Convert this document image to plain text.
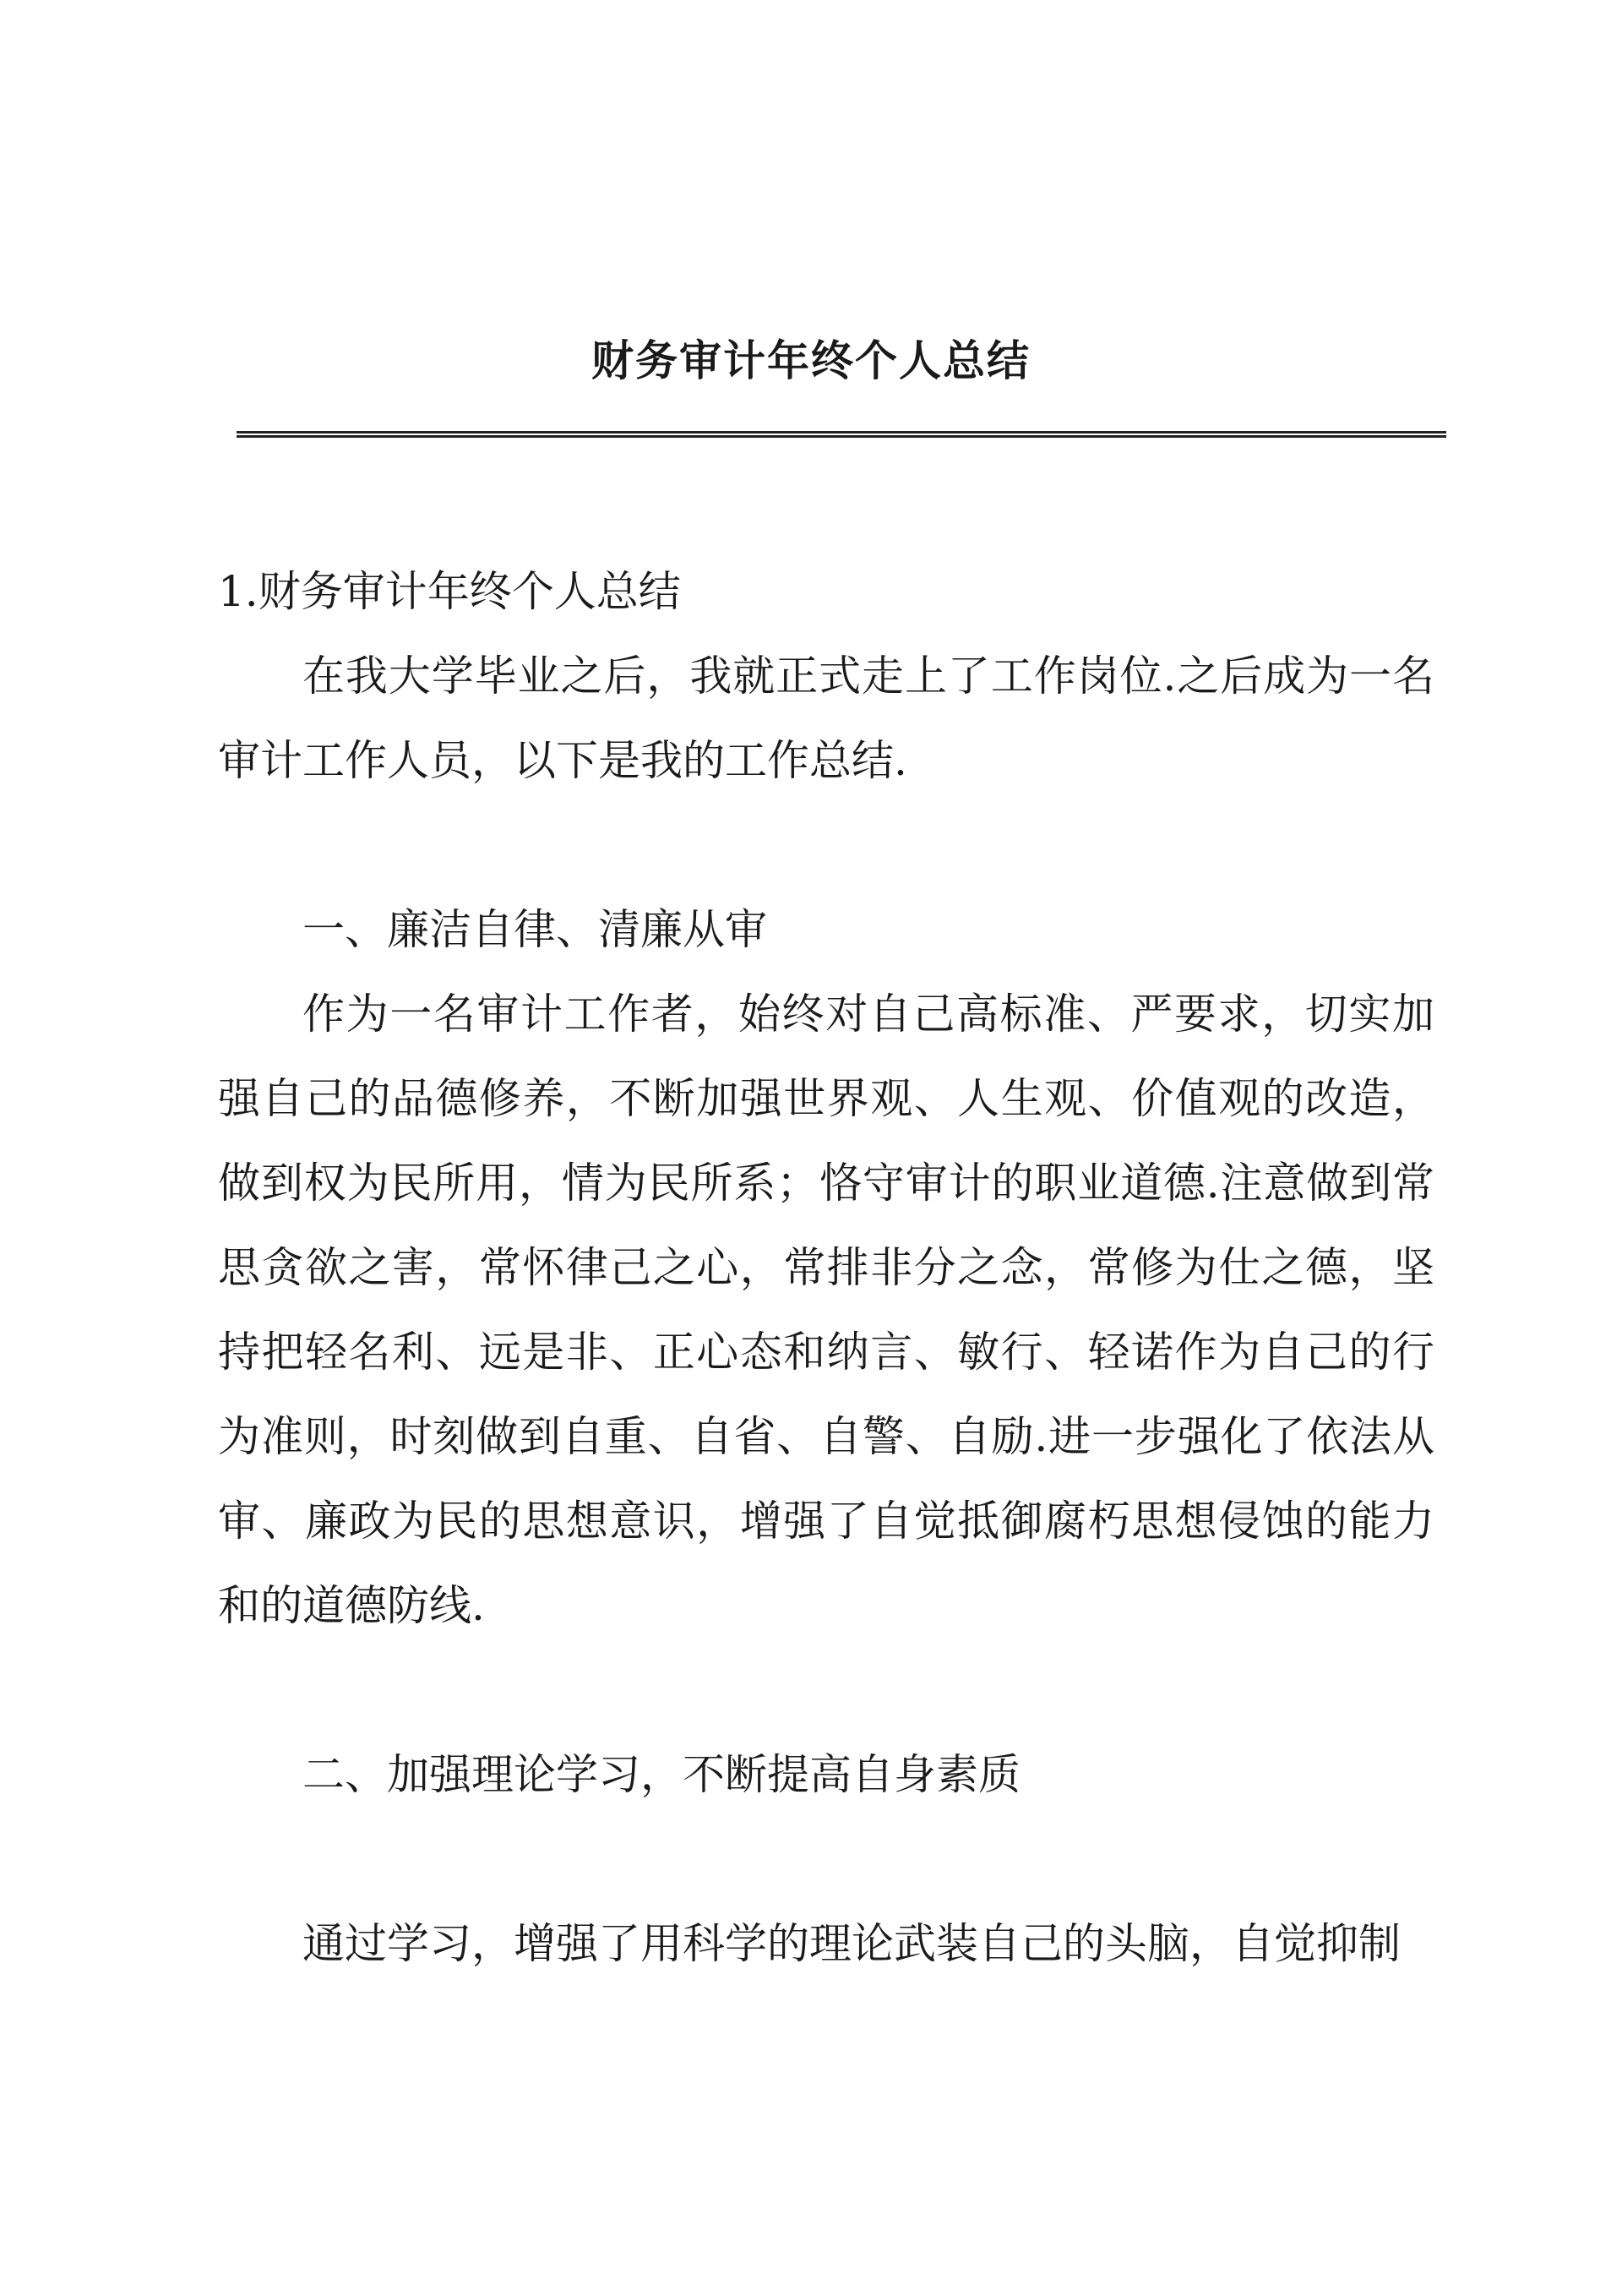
财务审计年终个人总结

1.财务审计年终个人总结

在我大学毕业之后，我就正式走上了工作岗位.之后成为一名审计工作人员，以下是我的工作总结.

一、廉洁自律、清廉从审

作为一名审计工作者，始终对自己高标准、严要求，切实加强自己的品德修养，不断加强世界观、人生观、价值观的改造，做到权为民所用，情为民所系；恪守审计的职业道德.注意做到常思贪欲之害，常怀律己之心，常排非分之念，常修为仕之德，坚持把轻名利、远是非、正心态和纳言、敏行、轻诺作为自己的行为准则，时刻做到自重、自省、自警、自励.进一步强化了依法从审、廉政为民的思想意识，增强了自觉抵御腐朽思想侵蚀的能力和的道德防线.

二、加强理论学习，不断提高自身素质

通过学习，增强了用科学的理论武装自己的头脑，自觉抑制
